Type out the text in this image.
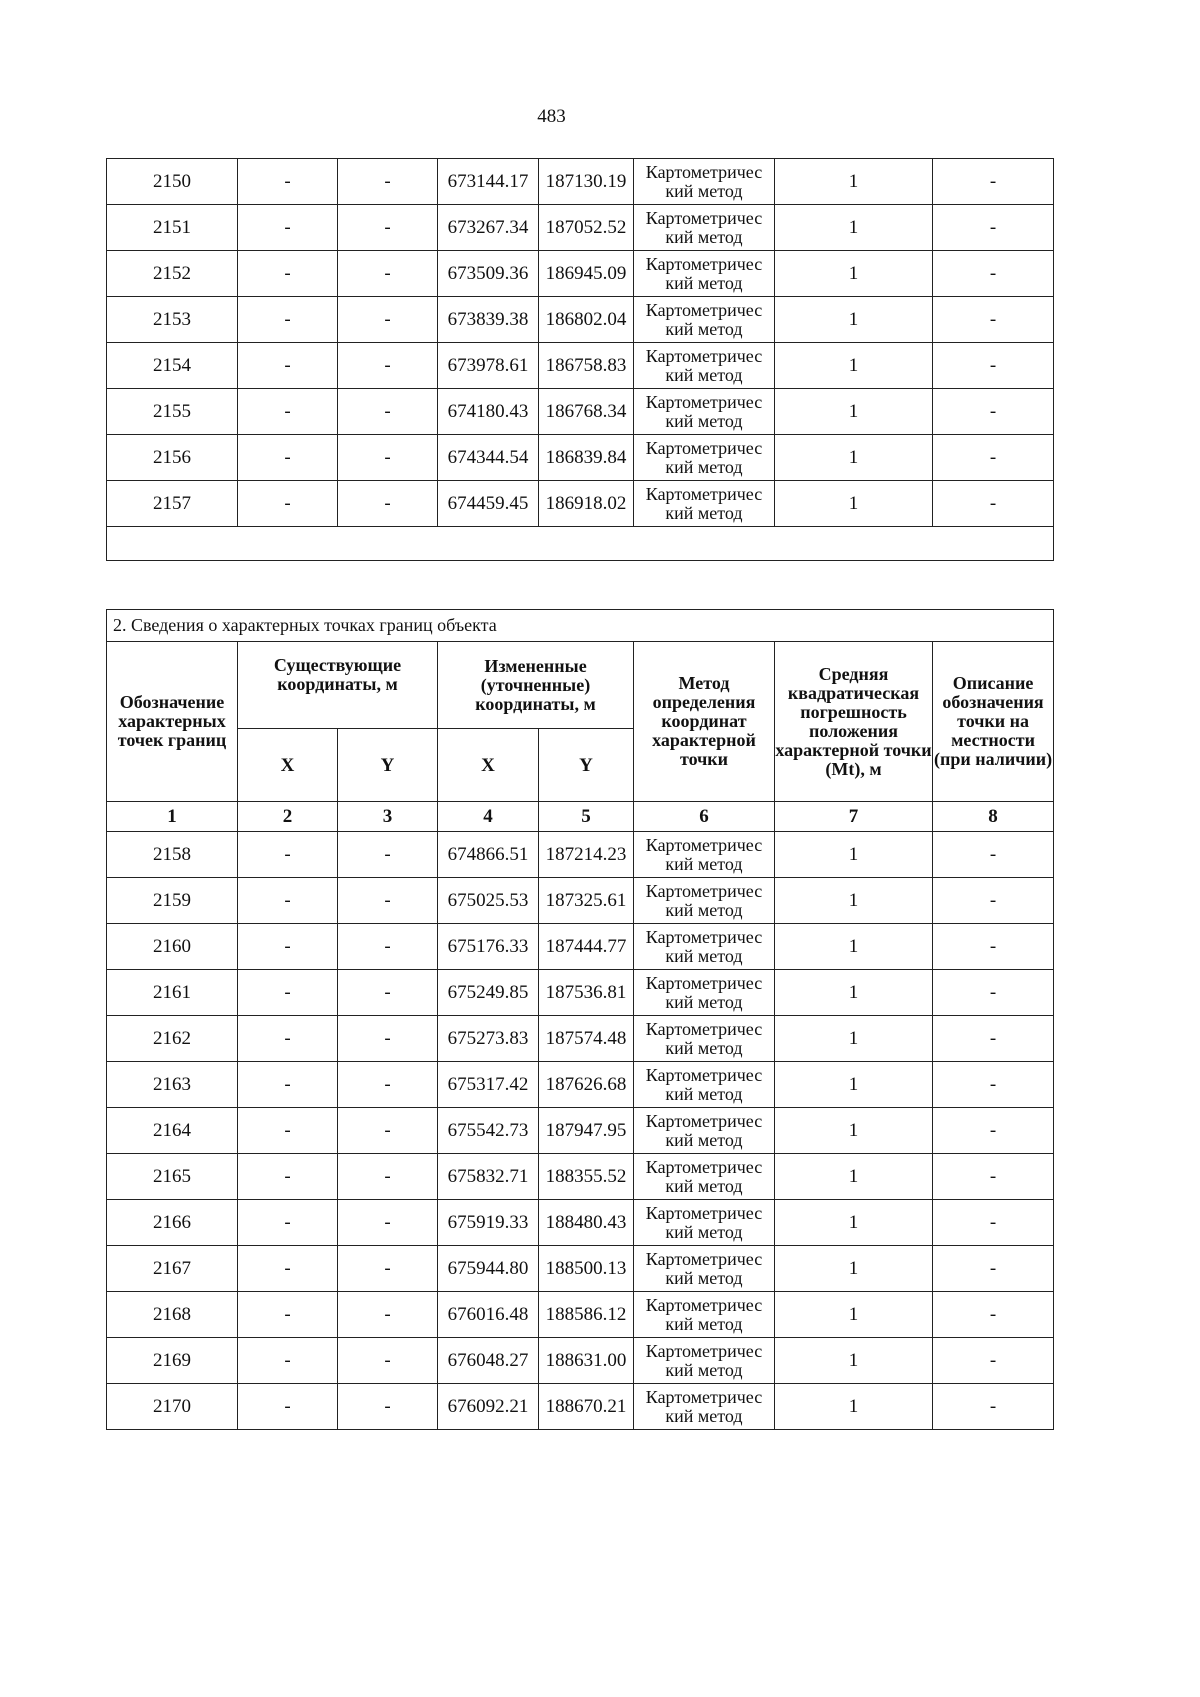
483
2150	-	-	673144.17	187130.19	Картометричес кий метод	1	-
2151	-	-	673267.34	187052.52	Картометричес кий метод	1	-
2152	-	-	673509.36	186945.09	Картометричес кий метод	1	-
2153	-	-	673839.38	186802.04	Картометричес кий метод	1	-
2154	-	-	673978.61	186758.83	Картометричес кий метод	1	-
2155	-	-	674180.43	186768.34	Картометричес кий метод	1	-
2156	-	-	674344.54	186839.84	Картометричес кий метод	1	-
2157	-	-	674459.45	186918.02	Картометричес кий метод	1	-

2. Сведения о характерных точках границ объекта							
Обозначение характерных точек границ	Существующие координаты, м		Измененные (уточненные) координаты, м		Метод определения координат характерной точки	Средняя квадратическая погрешность положения характерной точки (Mt), м	Описание обозначения точки на местности (при наличии)
	X	Y	X	Y			
1	2	3	4	5	6	7	8
2158	-	-	674866.51	187214.23	Картометричес кий метод	1	-
2159	-	-	675025.53	187325.61	Картометричес кий метод	1	-
2160	-	-	675176.33	187444.77	Картометричес кий метод	1	-
2161	-	-	675249.85	187536.81	Картометричес кий метод	1	-
2162	-	-	675273.83	187574.48	Картометричес кий метод	1	-
2163	-	-	675317.42	187626.68	Картометричес кий метод	1	-
2164	-	-	675542.73	187947.95	Картометричес кий метод	1	-
2165	-	-	675832.71	188355.52	Картометричес кий метод	1	-
2166	-	-	675919.33	188480.43	Картометричес кий метод	1	-
2167	-	-	675944.80	188500.13	Картометричес кий метод	1	-
2168	-	-	676016.48	188586.12	Картометричес кий метод	1	-
2169	-	-	676048.27	188631.00	Картометричес кий метод	1	-
2170	-	-	676092.21	188670.21	Картометричес кий метод	1	-
